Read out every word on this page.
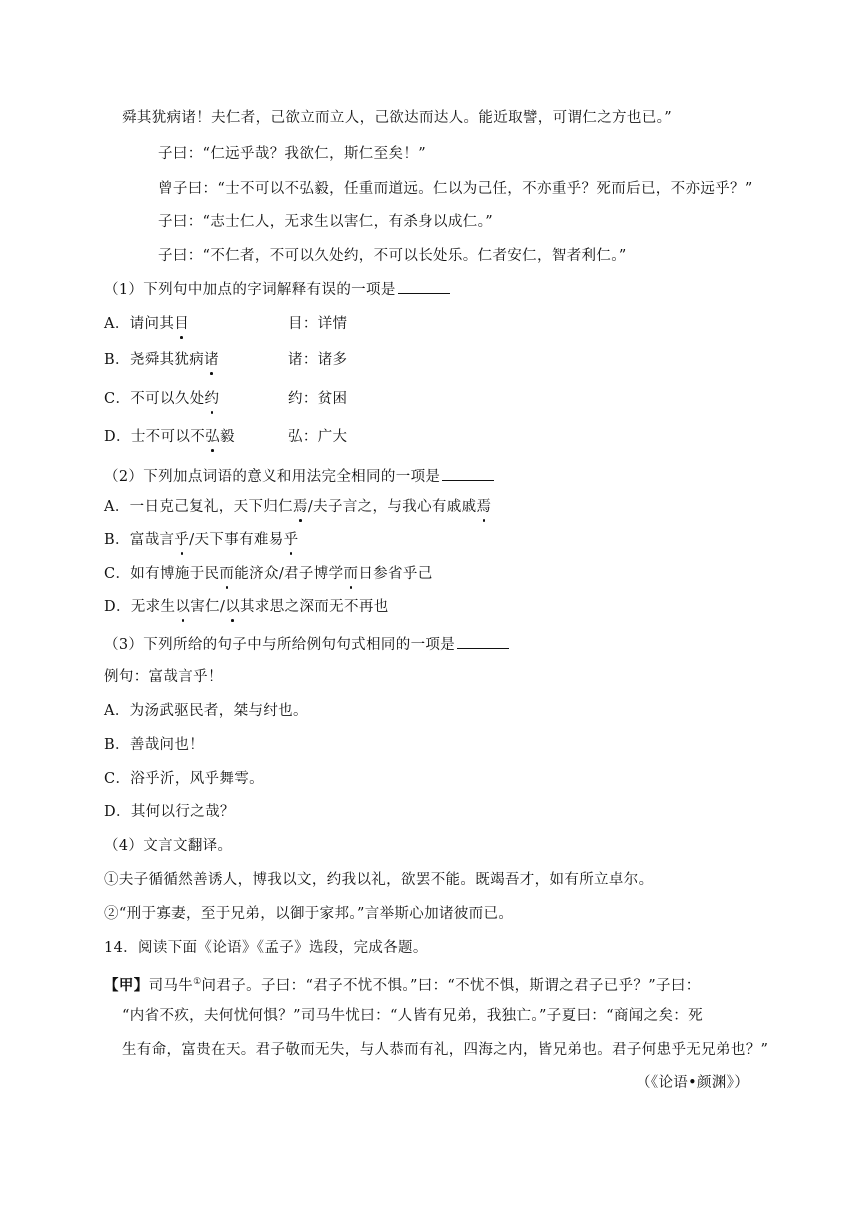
舜其犹病诸！夫仁者，己欲立而立人，己欲达而达人。能近取譬，可谓仁之方也已。”
子曰：“仁远乎哉？我欲仁，斯仁至矣！”
曾子曰：“士不可以不弘毅，任重而道远。仁以为己任，不亦重乎？死而后已，不亦远乎？”
子曰：“志士仁人，无求生以害仁，有杀身以成仁。”
子曰：“不仁者，不可以久处约，不可以长处乐。仁者安仁，智者利仁。”
（1）下列句中加点的字词解释有误的一项是
A．请问其目	目：详情
B．尧舜其犹病诸	诸：诸多
C．不可以久处约	约：贫困
D．士不可以不弘毅	弘：广大
（2）下列加点词语的意义和用法完全相同的一项是
A．一日克己复礼，天下归仁焉/夫子言之，与我心有戚戚焉
B．富哉言乎/天下事有难易乎
C．如有博施于民而能济众/君子博学而日参省乎己
D．无求生以害仁/以其求思之深而无不再也
（3）下列所给的句子中与所给例句句式相同的一项是
例句：富哉言乎！
A．为汤武驱民者，桀与纣也。
B．善哉问也！
C．浴乎沂，风乎舞雩。
D．其何以行之哉？
（4）文言文翻译。
①夫子循循然善诱人，博我以文，约我以礼，欲罢不能。既竭吾才，如有所立卓尔。
②“刑于寡妻，至于兄弟，以御于家邦。”言举斯心加诸彼而已。
14．阅读下面《论语》《孟子》选段，完成各题。
【甲】司马牛①问君子。子曰：“君子不忧不惧。”曰：“不忧不惧，斯谓之君子已乎？”子曰：
“内省不疚，夫何忧何惧？”司马牛忧曰：“人皆有兄弟，我独亡。”子夏曰：“商闻之矣：死
生有命，富贵在天。君子敬而无失，与人恭而有礼，四海之内，皆兄弟也。君子何患乎无兄弟也？”
（《论语•颜渊》）
